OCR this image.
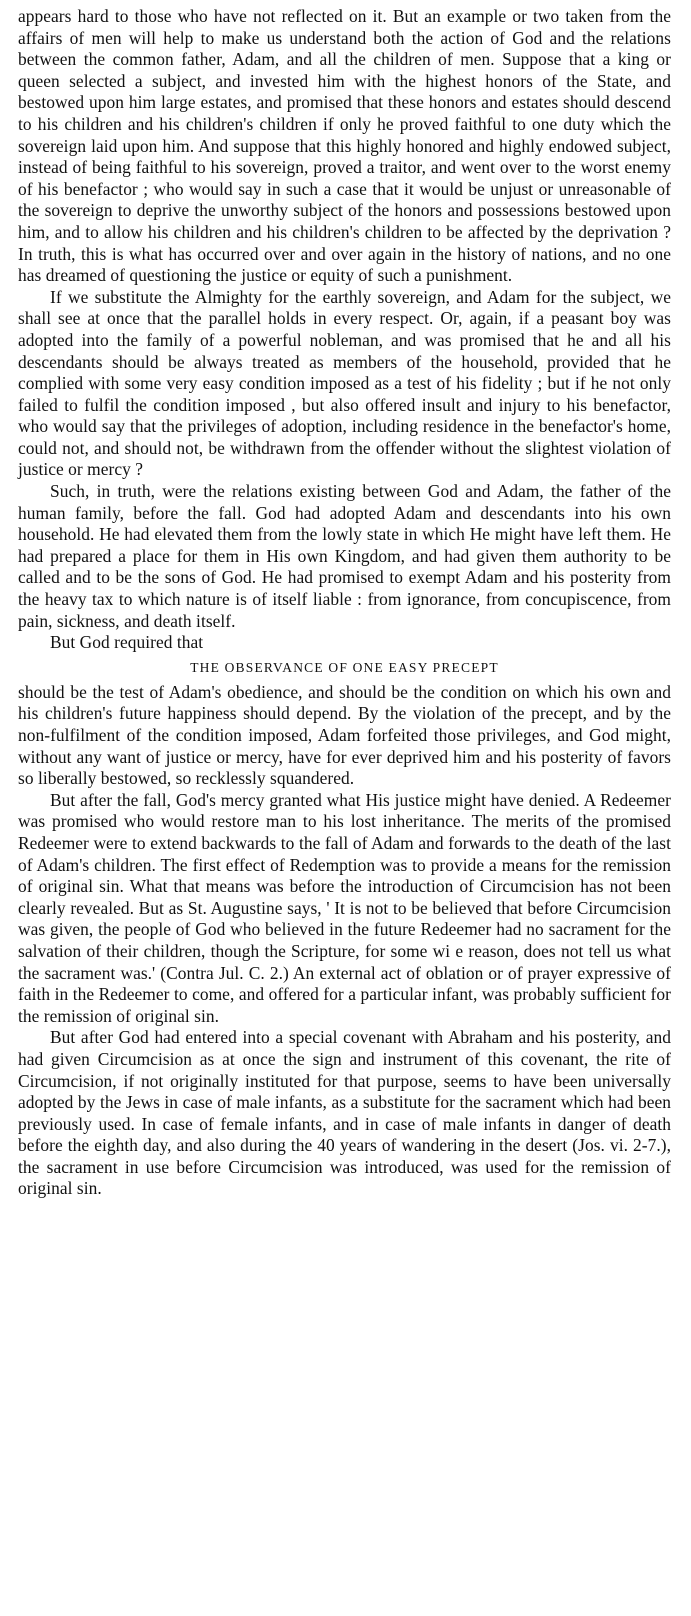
appears hard to those who have not reflected on it. But an example or two taken from the affairs of men will help to make us understand both the action of God and the relations between the common father, Adam, and all the children of men. Suppose that a king or queen selected a subject, and invested him with the highest honors of the State, and bestowed upon him large estates, and promised that these honors and estates should descend to his children and his children's children if only he proved faithful to one duty which the sovereign laid upon him. And suppose that this highly honored and highly endowed subject, instead of being faithful to his sovereign, proved a traitor, and went over to the worst enemy of his benefactor ; who would say in such a case that it would be unjust or unreasonable of the sovereign to deprive the unworthy subject of the honors and possessions bestowed upon him, and to allow his children and his children's children to be affected by the deprivation ? In truth, this is what has occurred over and over again in the history of nations, and no one has dreamed of questioning the justice or equity of such a punishment.

If we substitute the Almighty for the earthly sovereign, and Adam for the subject, we shall see at once that the parallel holds in every respect. Or, again, if a peasant boy was adopted into the family of a powerful nobleman, and was promised that he and all his descendants should be always treated as members of the household, provided that he complied with some very easy condition imposed as a test of his fidelity ; but if he not only failed to fulfil the condition imposed , but also offered insult and injury to his benefactor, who would say that the privileges of adoption, including residence in the benefactor's home, could not, and should not, be withdrawn from the offender without the slightest violation of justice or mercy ?

Such, in truth, were the relations existing between God and Adam, the father of the human family, before the fall. God had adopted Adam and descendants into his own household. He had elevated them from the lowly state in which He might have left them. He had prepared a place for them in His own Kingdom, and had given them authority to be called and to be the sons of God. He had promised to exempt Adam and his posterity from the heavy tax to which nature is of itself liable : from ignorance, from concupiscence, from pain, sickness, and death itself.

But God required that

THE OBSERVANCE OF ONE EASY PRECEPT

should be the test of Adam's obedience, and should be the condition on which his own and his children's future happiness should depend. By the violation of the precept, and by the non-fulfilment of the condition imposed, Adam forfeited those privileges, and God might, without any want of justice or mercy, have for ever deprived him and his posterity of favors so liberally bestowed, so recklessly squandered.

But after the fall, God's mercy granted what His justice might have denied. A Redeemer was promised who would restore man to his lost inheritance. The merits of the promised Redeemer were to extend backwards to the fall of Adam and forwards to the death of the last of Adam's children. The first effect of Redemption was to provide a means for the remission of original sin. What that means was before the introduction of Circumcision has not been clearly revealed. But as St. Augustine says, ' It is not to be believed that before Circumcision was given, the people of God who believed in the future Redeemer had no sacrament for the salvation of their children, though the Scripture, for some wi e reason, does not tell us what the sacrament was.' (Contra Jul. C. 2.) An external act of oblation or of prayer expressive of faith in the Redeemer to come, and offered for a particular infant, was probably sufficient for the remission of original sin.

But after God had entered into a special covenant with Abraham and his posterity, and had given Circumcision as at once the sign and instrument of this covenant, the rite of Circumcision, if not originally instituted for that purpose, seems to have been universally adopted by the Jews in case of male infants, as a substitute for the sacrament which had been previously used. In case of female infants, and in case of male infants in danger of death before the eighth day, and also during the 40 years of wandering in the desert (Jos. vi. 2-7.), the sacrament in use before Circumcision was introduced, was used for the remission of original sin.
